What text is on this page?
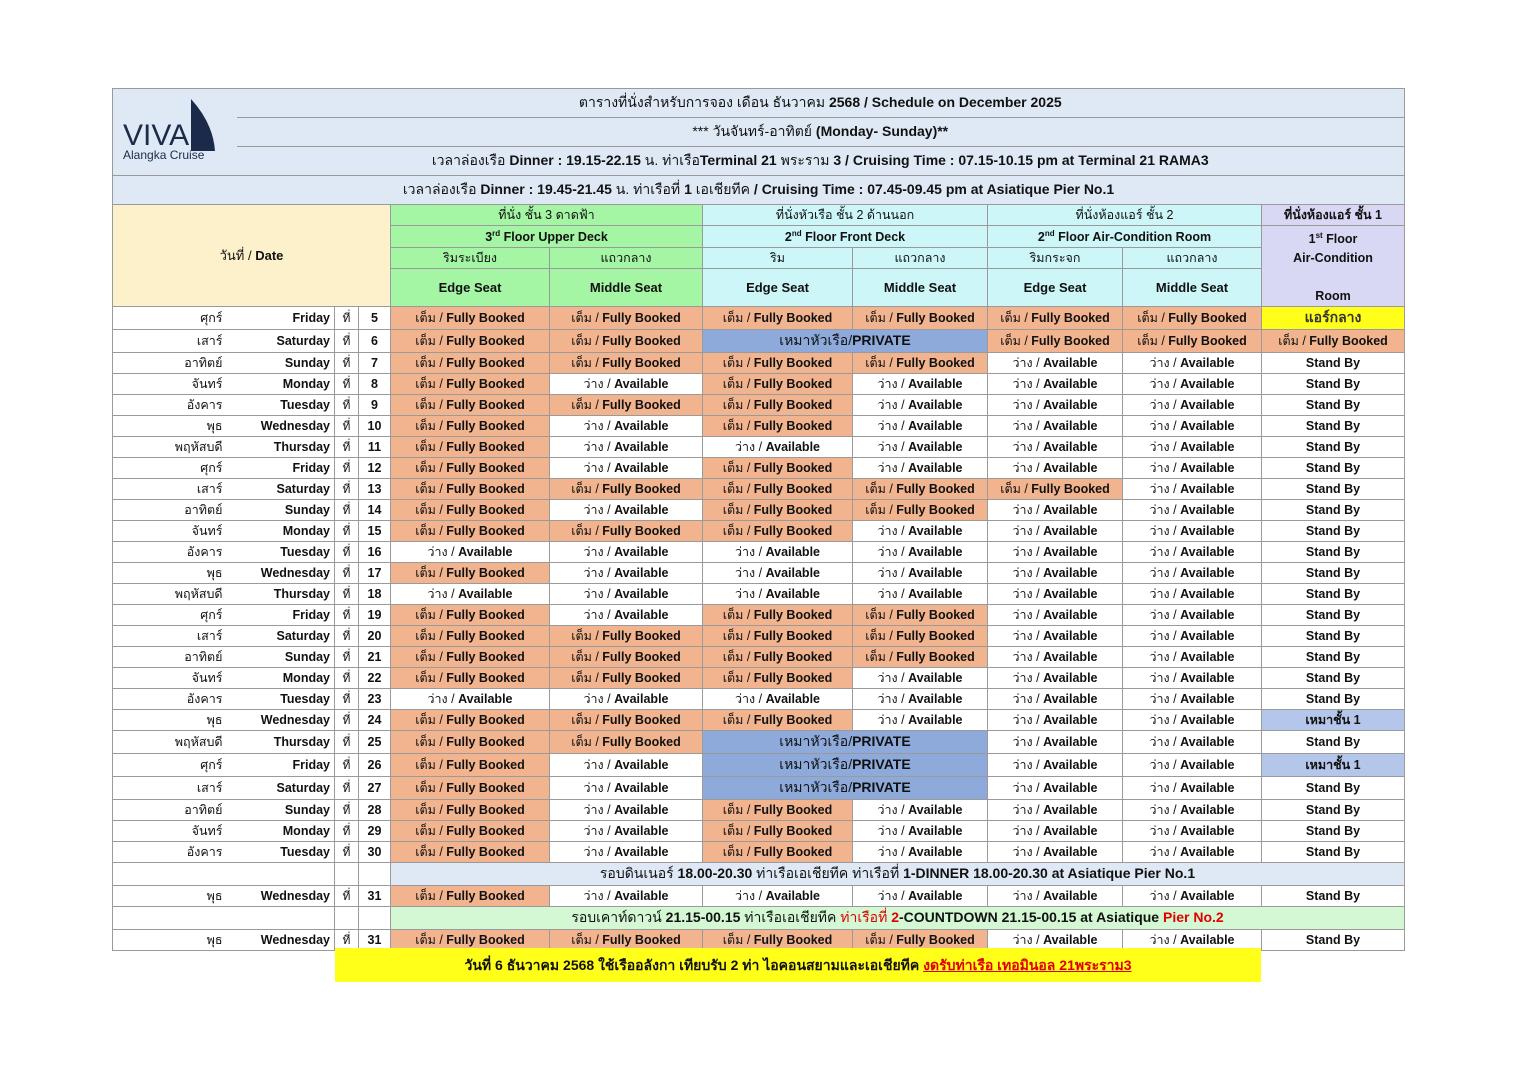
VIVA
Alangka Cruise	ตารางที่นั่งสำหรับการจอง เดือน ธันวาคม 2568 / Schedule on December 2025									
	*** วันจันทร์-อาทิตย์ (Monday- Sunday)**									
	เวลาล่องเรือ Dinner : 19.15-22.15 น. ท่าเรือTerminal 21 พระราม 3 / Cruising Time : 07.15-10.15 pm at Terminal 21 RAMA3									
เวลาล่องเรือ Dinner : 19.45-21.45 น. ท่าเรือที่ 1 เอเชียทีค / Cruising Time : 07.45-09.45 pm at Asiatique Pier No.1										
วันที่ / Date				ที่นั่ง ชั้น 3 ดาดฟ้า		ที่นั่งหัวเรือ ชั้น 2 ด้านนอก		ที่นั่งห้องแอร์ ชั้น 2		ที่นั่งห้องแอร์ ชั้น 1
				3rd Floor Upper Deck		2nd Floor Front Deck		2nd Floor Air-Condition Room		1st Floor
Air-Condition

Room
				ริมระเบียง	แถวกลาง	ริม	แถวกลาง	ริมกระจก	แถวกลาง	
				Edge Seat	Middle Seat	Edge Seat	Middle Seat	Edge Seat	Middle Seat	
ศุกร์	Friday	ที่	5	เต็ม / Fully Booked	เต็ม / Fully Booked	เต็ม / Fully Booked	เต็ม / Fully Booked	เต็ม / Fully Booked	เต็ม / Fully Booked	แอร์กลาง
เสาร์	Saturday	ที่	6	เต็ม / Fully Booked	เต็ม / Fully Booked	เหมาหัวเรือ/PRIVATE		เต็ม / Fully Booked	เต็ม / Fully Booked	เต็ม / Fully Booked
อาทิตย์	Sunday	ที่	7	เต็ม / Fully Booked	เต็ม / Fully Booked	เต็ม / Fully Booked	เต็ม / Fully Booked	ว่าง / Available	ว่าง / Available	Stand By
จันทร์	Monday	ที่	8	เต็ม / Fully Booked	ว่าง / Available	เต็ม / Fully Booked	ว่าง / Available	ว่าง / Available	ว่าง / Available	Stand By
อังคาร	Tuesday	ที่	9	เต็ม / Fully Booked	เต็ม / Fully Booked	เต็ม / Fully Booked	ว่าง / Available	ว่าง / Available	ว่าง / Available	Stand By
พุธ	Wednesday	ที่	10	เต็ม / Fully Booked	ว่าง / Available	เต็ม / Fully Booked	ว่าง / Available	ว่าง / Available	ว่าง / Available	Stand By
พฤหัสบดี	Thursday	ที่	11	เต็ม / Fully Booked	ว่าง / Available	ว่าง / Available	ว่าง / Available	ว่าง / Available	ว่าง / Available	Stand By
ศุกร์	Friday	ที่	12	เต็ม / Fully Booked	ว่าง / Available	เต็ม / Fully Booked	ว่าง / Available	ว่าง / Available	ว่าง / Available	Stand By
เสาร์	Saturday	ที่	13	เต็ม / Fully Booked	เต็ม / Fully Booked	เต็ม / Fully Booked	เต็ม / Fully Booked	เต็ม / Fully Booked	ว่าง / Available	Stand By
อาทิตย์	Sunday	ที่	14	เต็ม / Fully Booked	ว่าง / Available	เต็ม / Fully Booked	เต็ม / Fully Booked	ว่าง / Available	ว่าง / Available	Stand By
จันทร์	Monday	ที่	15	เต็ม / Fully Booked	เต็ม / Fully Booked	เต็ม / Fully Booked	ว่าง / Available	ว่าง / Available	ว่าง / Available	Stand By
อังคาร	Tuesday	ที่	16	ว่าง / Available	ว่าง / Available	ว่าง / Available	ว่าง / Available	ว่าง / Available	ว่าง / Available	Stand By
พุธ	Wednesday	ที่	17	เต็ม / Fully Booked	ว่าง / Available	ว่าง / Available	ว่าง / Available	ว่าง / Available	ว่าง / Available	Stand By
พฤหัสบดี	Thursday	ที่	18	ว่าง / Available	ว่าง / Available	ว่าง / Available	ว่าง / Available	ว่าง / Available	ว่าง / Available	Stand By
ศุกร์	Friday	ที่	19	เต็ม / Fully Booked	ว่าง / Available	เต็ม / Fully Booked	เต็ม / Fully Booked	ว่าง / Available	ว่าง / Available	Stand By
เสาร์	Saturday	ที่	20	เต็ม / Fully Booked	เต็ม / Fully Booked	เต็ม / Fully Booked	เต็ม / Fully Booked	ว่าง / Available	ว่าง / Available	Stand By
อาทิตย์	Sunday	ที่	21	เต็ม / Fully Booked	เต็ม / Fully Booked	เต็ม / Fully Booked	เต็ม / Fully Booked	ว่าง / Available	ว่าง / Available	Stand By
จันทร์	Monday	ที่	22	เต็ม / Fully Booked	เต็ม / Fully Booked	เต็ม / Fully Booked	ว่าง / Available	ว่าง / Available	ว่าง / Available	Stand By
อังคาร	Tuesday	ที่	23	ว่าง / Available	ว่าง / Available	ว่าง / Available	ว่าง / Available	ว่าง / Available	ว่าง / Available	Stand By
พุธ	Wednesday	ที่	24	เต็ม / Fully Booked	เต็ม / Fully Booked	เต็ม / Fully Booked	ว่าง / Available	ว่าง / Available	ว่าง / Available	เหมาชั้น 1
พฤหัสบดี	Thursday	ที่	25	เต็ม / Fully Booked	เต็ม / Fully Booked	เหมาหัวเรือ/PRIVATE		ว่าง / Available	ว่าง / Available	Stand By
ศุกร์	Friday	ที่	26	เต็ม / Fully Booked	ว่าง / Available	เหมาหัวเรือ/PRIVATE		ว่าง / Available	ว่าง / Available	เหมาชั้น 1
เสาร์	Saturday	ที่	27	เต็ม / Fully Booked	ว่าง / Available	เหมาหัวเรือ/PRIVATE		ว่าง / Available	ว่าง / Available	Stand By
อาทิตย์	Sunday	ที่	28	เต็ม / Fully Booked	ว่าง / Available	เต็ม / Fully Booked	ว่าง / Available	ว่าง / Available	ว่าง / Available	Stand By
จันทร์	Monday	ที่	29	เต็ม / Fully Booked	ว่าง / Available	เต็ม / Fully Booked	ว่าง / Available	ว่าง / Available	ว่าง / Available	Stand By
อังคาร	Tuesday	ที่	30	เต็ม / Fully Booked	ว่าง / Available	เต็ม / Fully Booked	ว่าง / Available	ว่าง / Available	ว่าง / Available	Stand By
				รอบดินเนอร์ 18.00-20.30 ท่าเรือเอเชียทีค ท่าเรือที่ 1-DINNER 18.00-20.30 at Asiatique Pier No.1						
พุธ	Wednesday	ที่	31	เต็ม / Fully Booked	ว่าง / Available	ว่าง / Available	ว่าง / Available	ว่าง / Available	ว่าง / Available	Stand By
				รอบเคาท์ดาวน์ 21.15-00.15 ท่าเรือเอเชียทีค ท่าเรือที่ 2-COUNTDOWN 21.15-00.15 at Asiatique Pier No.2						
พุธ	Wednesday	ที่	31	เต็ม / Fully Booked	เต็ม / Fully Booked	เต็ม / Fully Booked	เต็ม / Fully Booked	ว่าง / Available	ว่าง / Available	Stand By
วันที่ 6 ธันวาคม 2568 ใช้เรืออลังกา เทียบรับ 2 ท่า ไอคอนสยามและเอเชียทีค งดรับท่าเรือ เทอมินอล 21พระราม3
